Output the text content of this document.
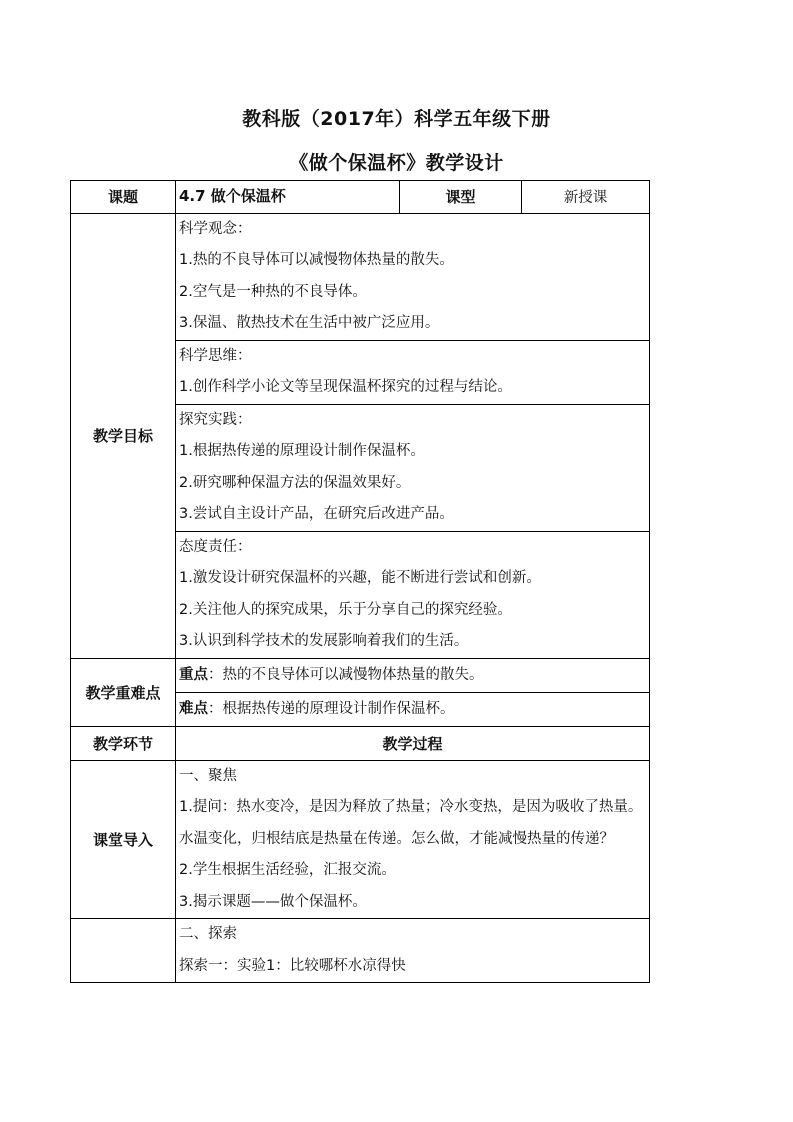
教科版（2017年）科学五年级下册
《做个保温杯》教学设计
课题	4.7 做个保温杯	课型	新授课
教学目标	科学观念：
1.热的不良导体可以减慢物体热量的散失。
2.空气是一种热的不良导体。
3.保温、散热技术在生活中被广泛应用。		

	科学思维：
1.创作科学小论文等呈现保温杯探究的过程与结论。		

	探究实践：
1.根据热传递的原理设计制作保温杯。
2.研究哪种保温方法的保温效果好。
3.尝试自主设计产品，在研究后改进产品。		

	态度责任：
1.激发设计研究保温杯的兴趣，能不断进行尝试和创新。
2.关注他人的探究成果，乐于分享自己的探究经验。
3.认识到科学技术的发展影响着我们的生活。		

教学重难点	重点：热的不良导体可以减慢物体热量的散失。		

	难点：根据热传递的原理设计制作保温杯。		

教学环节	教学过程		
课堂导入	一、聚焦
1.提问：热水变冷，是因为释放了热量；冷水变热，是因为吸收了热量。
水温变化，归根结底是热量在传递。怎么做，才能减慢热量的传递？
2.学生根据生活经验，汇报交流。
3.揭示课题——做个保温杯。		

	二、探索
探索一：实验1：比较哪杯水凉得快		
